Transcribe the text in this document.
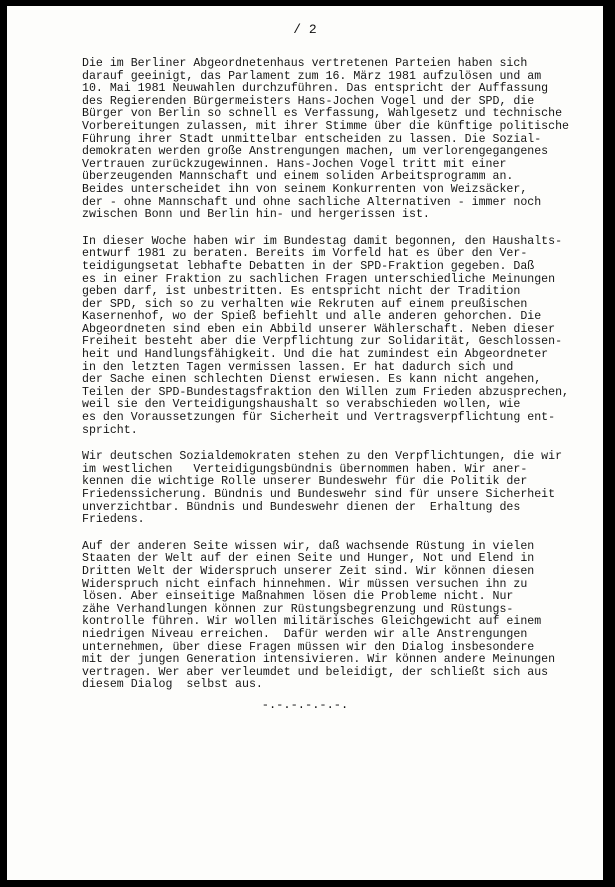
/ 2
Die im Berliner Abgeordnetenhaus vertretenen Parteien haben sich
darauf geeinigt, das Parlament zum 16. März 1981 aufzulösen und am
10. Mai 1981 Neuwahlen durchzuführen. Das entspricht der Auffassung
des Regierenden Bürgermeisters Hans-Jochen Vogel und der SPD, die
Bürger von Berlin so schnell es Verfassung, Wahlgesetz und technische
Vorbereitungen zulassen, mit ihrer Stimme über die künftige politische
Führung ihrer Stadt unmittelbar entscheiden zu lassen. Die Sozial-
demokraten werden große Anstrengungen machen, um verlorengegangenes
Vertrauen zurückzugewinnen. Hans-Jochen Vogel tritt mit einer
überzeugenden Mannschaft und einem soliden Arbeitsprogramm an.
Beides unterscheidet ihn von seinem Konkurrenten von Weizsäcker,
der - ohne Mannschaft und ohne sachliche Alternativen - immer noch
zwischen Bonn und Berlin hin- und hergerissen ist.
In dieser Woche haben wir im Bundestag damit begonnen, den Haushalts-
entwurf 1981 zu beraten. Bereits im Vorfeld hat es über den Ver-
teidigungsetat lebhafte Debatten in der SPD-Fraktion gegeben. Daß
es in einer Fraktion zu sachlichen Fragen unterschiedliche Meinungen
geben darf, ist unbestritten. Es entspricht nicht der Tradition
der SPD, sich so zu verhalten wie Rekruten auf einem preußischen
Kasernenhof, wo der Spieß befiehlt und alle anderen gehorchen. Die
Abgeordneten sind eben ein Abbild unserer Wählerschaft. Neben dieser
Freiheit besteht aber die Verpflichtung zur Solidarität, Geschlossen-
heit und Handlungsfähigkeit. Und die hat zumindest ein Abgeordneter
in den letzten Tagen vermissen lassen. Er hat dadurch sich und
der Sache einen schlechten Dienst erwiesen. Es kann nicht angehen,
Teilen der SPD-Bundestagsfraktion den Willen zum Frieden abzusprechen,
weil sie den Verteidigungshaushalt so verabschieden wollen, wie
es den Voraussetzungen für Sicherheit und Vertragsverpflichtung ent-
spricht.
Wir deutschen Sozialdemokraten stehen zu den Verpflichtungen, die wir
im westlichen   Verteidigungsbündnis übernommen haben. Wir aner-
kennen die wichtige Rolle unserer Bundeswehr für die Politik der
Friedenssicherung. Bündnis und Bundeswehr sind für unsere Sicherheit
unverzichtbar. Bündnis und Bundeswehr dienen der  Erhaltung des
Friedens.
Auf der anderen Seite wissen wir, daß wachsende Rüstung in vielen
Staaten der Welt auf der einen Seite und Hunger, Not und Elend in
Dritten Welt der Widerspruch unserer Zeit sind. Wir können diesen
Widerspruch nicht einfach hinnehmen. Wir müssen versuchen ihn zu
lösen. Aber einseitige Maßnahmen lösen die Probleme nicht. Nur
zähe Verhandlungen können zur Rüstungsbegrenzung und Rüstungs-
kontrolle führen. Wir wollen militärisches Gleichgewicht auf einem
niedrigen Niveau erreichen.  Dafür werden wir alle Anstrengungen
unternehmen, über diese Fragen müssen wir den Dialog insbesondere
mit der jungen Generation intensivieren. Wir können andere Meinungen
vertragen. Wer aber verleumdet und beleidigt, der schließt sich aus
diesem Dialog  selbst aus.
-.-.-.-.-.-.
